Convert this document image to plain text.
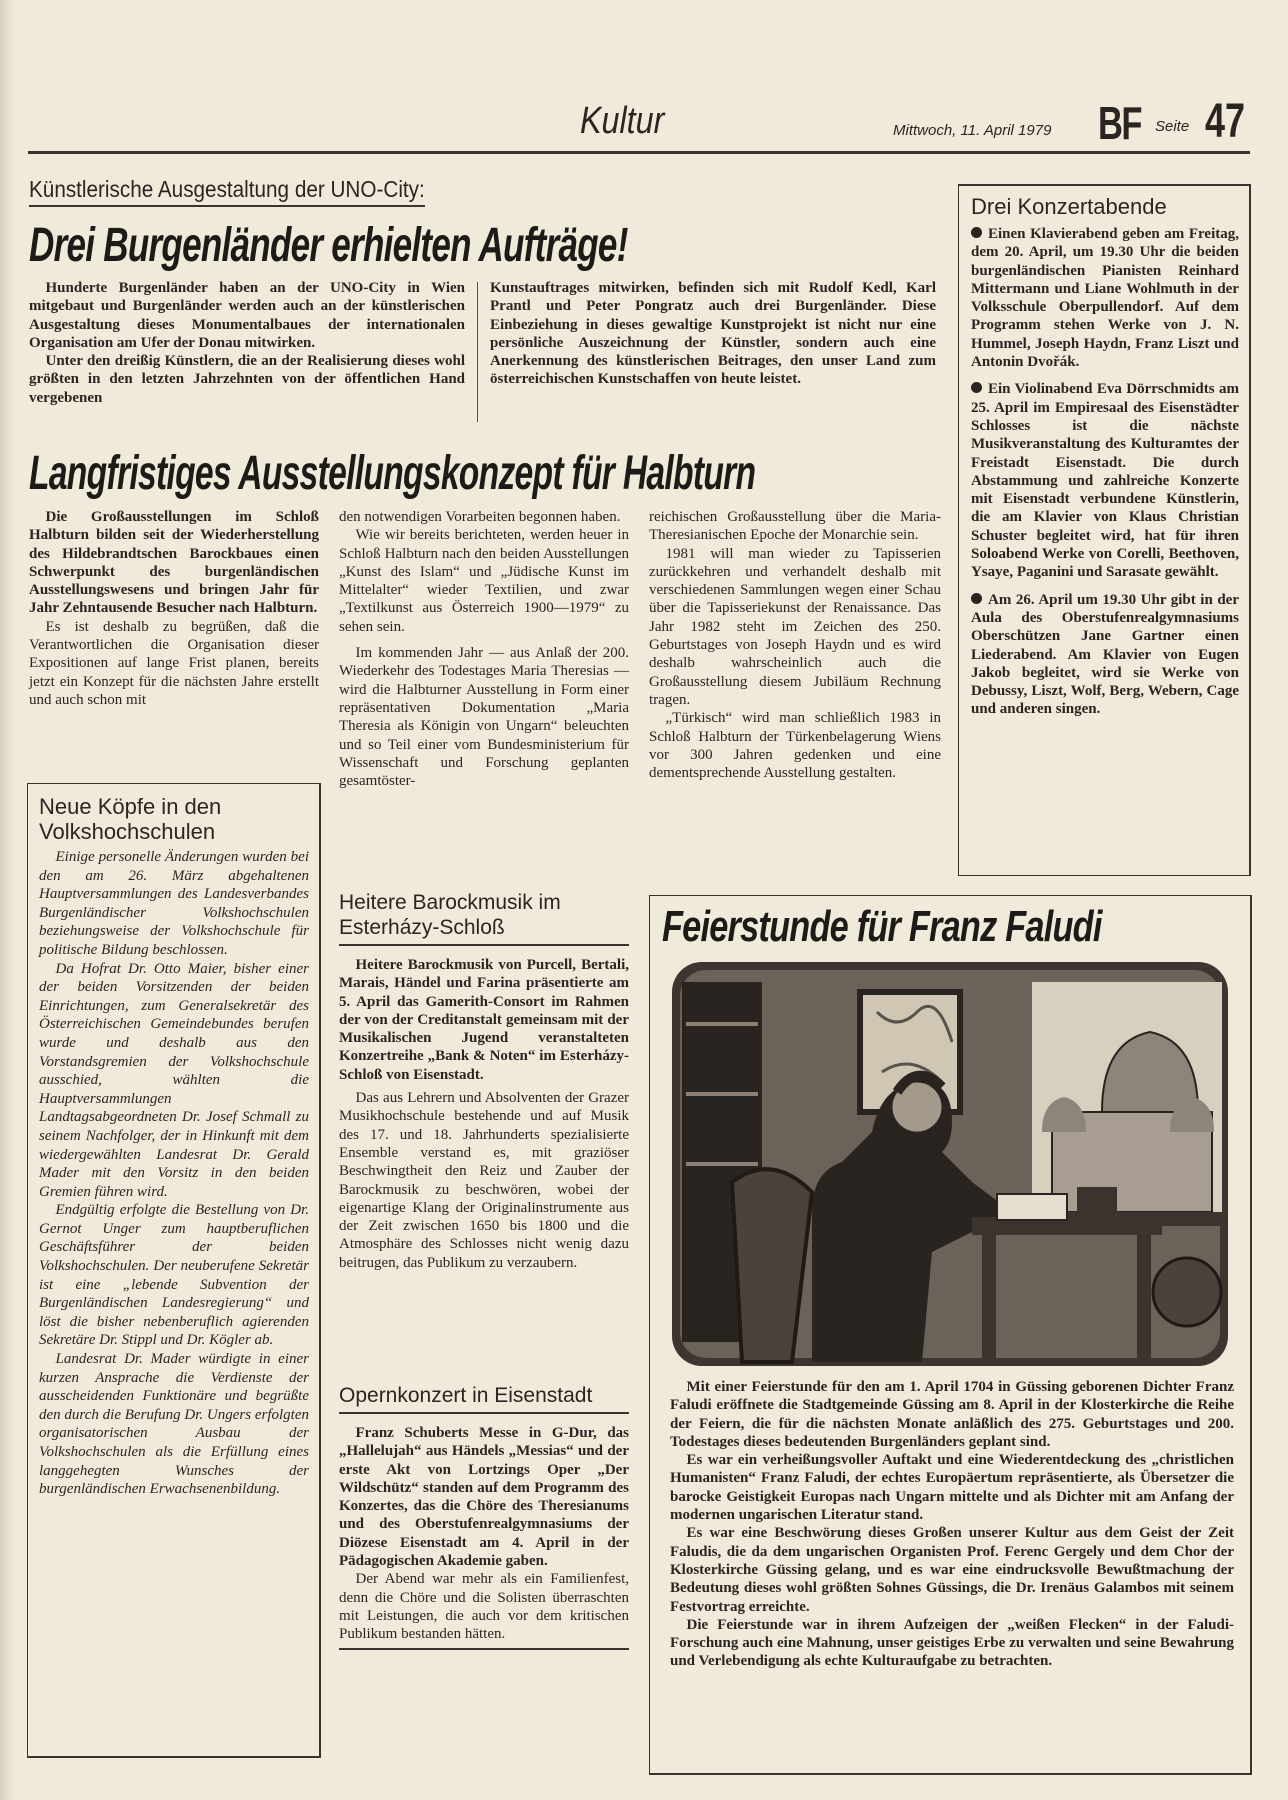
Kultur	Mittwoch, 11. April 1979 BF Seite 47
Künstlerische Ausgestaltung der UNO-City:
Drei Burgenländer erhielten Aufträge!

Hunderte Burgenländer haben an der UNO-City in Wien mitgebaut und Burgenländer werden auch an der künstlerischen Ausgestaltung dieses Monumentalbaues der internationalen Organisation am Ufer der Donau mitwirken.

Unter den dreißig Künstlern, die an der Realisierung dieses wohl größten in den letzten Jahrzehnten von der öffentlichen Hand vergebenen

Kunstauftrages mitwirken, befinden sich mit Rudolf Kedl, Karl Prantl und Peter Pongratz auch drei Burgenländer. Diese Einbeziehung in dieses gewaltige Kunstprojekt ist nicht nur eine persönliche Auszeichnung der Künstler, sondern auch eine Anerkennung des künstlerischen Beitrages, den unser Land zum österreichischen Kunstschaffen von heute leistet.

Drei Konzertabende

Einen Klavierabend geben am Freitag, dem 20. April, um 19.30 Uhr die beiden burgenländischen Pianisten Reinhard Mittermann und Liane Wohlmuth in der Volksschule Oberpullendorf. Auf dem Programm stehen Werke von J. N. Hummel, Joseph Haydn, Franz Liszt und Antonin Dvořák.

Ein Violinabend Eva Dörrschmidts am 25. April im Empiresaal des Eisenstädter Schlosses ist die nächste Musikveranstaltung des Kulturamtes der Freistadt Eisenstadt. Die durch Abstammung und zahlreiche Konzerte mit Eisenstadt verbundene Künstlerin, die am Klavier von Klaus Christian Schuster begleitet wird, hat für ihren Soloabend Werke von Corelli, Beethoven, Ysaye, Paganini und Sarasate gewählt.

Am 26. April um 19.30 Uhr gibt in der Aula des Oberstufenrealgymnasiums Oberschützen Jane Gartner einen Liederabend. Am Klavier von Eugen Jakob begleitet, wird sie Werke von Debussy, Liszt, Wolf, Berg, Webern, Cage und anderen singen.

Langfristiges Ausstellungskonzept für Halbturn

Die Großausstellungen im Schloß Halbturn bilden seit der Wiederherstellung des Hildebrandtschen Barockbaues einen Schwerpunkt des burgenländischen Ausstellungswesens und bringen Jahr für Jahr Zehntausende Besucher nach Halbturn.

Es ist deshalb zu begrüßen, daß die Verantwortlichen die Organisation dieser Expositionen auf lange Frist planen, bereits jetzt ein Konzept für die nächsten Jahre erstellt und auch schon mit

den notwendigen Vorarbeiten begonnen haben.

Wie wir bereits berichteten, werden heuer in Schloß Halbturn nach den beiden Ausstellungen „Kunst des Islam“ und „Jüdische Kunst im Mittelalter“ wieder Textilien, und zwar „Textilkunst aus Österreich 1900—1979“ zu sehen sein.

Im kommenden Jahr — aus Anlaß der 200. Wiederkehr des Todestages Maria Theresias — wird die Halbturner Ausstellung in Form einer repräsentativen Dokumentation „Maria Theresia als Königin von Ungarn“ beleuchten und so Teil einer vom Bundesministerium für Wissenschaft und Forschung geplanten gesamtöster-

reichischen Großausstellung über die Maria-Theresianischen Epoche der Monarchie sein.

1981 will man wieder zu Tapisserien zurückkehren und verhandelt deshalb mit verschiedenen Sammlungen wegen einer Schau über die Tapisseriekunst der Renaissance. Das Jahr 1982 steht im Zeichen des 250. Geburtstages von Joseph Haydn und es wird deshalb wahrscheinlich auch die Großausstellung diesem Jubiläum Rechnung tragen.

„Türkisch“ wird man schließlich 1983 in Schloß Halbturn der Türkenbelagerung Wiens vor 300 Jahren gedenken und eine dementsprechende Ausstellung gestalten.

Neue Köpfe in den Volkshochschulen

Einige personelle Änderungen wurden bei den am 26. März abgehaltenen Hauptversammlungen des Landesverbandes Burgenländischer Volkshochschulen beziehungsweise der Volkshochschule für politische Bildung beschlossen.

Da Hofrat Dr. Otto Maier, bisher einer der beiden Vorsitzenden der beiden Einrichtungen, zum Generalsekretär des Österreichischen Gemeindebundes berufen wurde und deshalb aus den Vorstandsgremien der Volkshochschule ausschied, wählten die Hauptversammlungen Landtagsabgeordneten Dr. Josef Schmall zu seinem Nachfolger, der in Hinkunft mit dem wiedergewählten Landesrat Dr. Gerald Mader mit den Vorsitz in den beiden Gremien führen wird.

Endgültig erfolgte die Bestellung von Dr. Gernot Unger zum hauptberuflichen Geschäftsführer der beiden Volkshochschulen. Der neuberufene Sekretär ist eine „lebende Subvention der Burgenländischen Landesregierung“ und löst die bisher nebenberuflich agierenden Sekretäre Dr. Stippl und Dr. Kögler ab.

Landesrat Dr. Mader würdigte in einer kurzen Ansprache die Verdienste der ausscheidenden Funktionäre und begrüßte den durch die Berufung Dr. Ungers erfolgten organisatorischen Ausbau der Volkshochschulen als die Erfüllung eines langgehegten Wunsches der burgenländischen Erwachsenenbildung.

Heitere Barockmusik im Esterházy-Schloß

Heitere Barockmusik von Purcell, Bertali, Marais, Händel und Farina präsentierte am 5. April das Gamerith-Consort im Rahmen der von der Creditanstalt gemeinsam mit der Musikalischen Jugend veranstalteten Konzertreihe „Bank & Noten“ im Esterházy-Schloß von Eisenstadt.

Das aus Lehrern und Absolventen der Grazer Musikhochschule bestehende und auf Musik des 17. und 18. Jahrhunderts spezialisierte Ensemble verstand es, mit graziöser Beschwingtheit den Reiz und Zauber der Barockmusik zu beschwören, wobei der eigenartige Klang der Originalinstrumente aus der Zeit zwischen 1650 bis 1800 und die Atmosphäre des Schlosses nicht wenig dazu beitrugen, das Publikum zu verzaubern.

Opernkonzert in Eisenstadt

Franz Schuberts Messe in G-Dur, das „Hallelujah“ aus Händels „Messias“ und der erste Akt von Lortzings Oper „Der Wildschütz“ standen auf dem Programm des Konzertes, das die Chöre des Theresianums und des Oberstufenrealgymnasiums der Diözese Eisenstadt am 4. April in der Pädagogischen Akademie gaben.

Der Abend war mehr als ein Familienfest, denn die Chöre und die Solisten überraschten mit Leistungen, die auch vor dem kritischen Publikum bestanden hätten.

Feierstunde für Franz Faludi

Mit einer Feierstunde für den am 1. April 1704 in Güssing geborenen Dichter Franz Faludi eröffnete die Stadtgemeinde Güssing am 8. April in der Klosterkirche die Reihe der Feiern, die für die nächsten Monate anläßlich des 275. Geburtstages und 200. Todestages dieses bedeutenden Burgenländers geplant sind.

Es war ein verheißungsvoller Auftakt und eine Wiederentdeckung des „christlichen Humanisten“ Franz Faludi, der echtes Europäertum repräsentierte, als Übersetzer die barocke Geistigkeit Europas nach Ungarn mittelte und als Dichter mit am Anfang der modernen ungarischen Literatur stand.

Es war eine Beschwörung dieses Großen unserer Kultur aus dem Geist der Zeit Faludis, die da dem ungarischen Organisten Prof. Ferenc Gergely und dem Chor der Klosterkirche Güssing gelang, und es war eine eindrucksvolle Bewußtmachung der Bedeutung dieses wohl größten Sohnes Güssings, die Dr. Irenäus Galambos mit seinem Festvortrag erreichte.

Die Feierstunde war in ihrem Aufzeigen der „weißen Flecken“ in der Faludi-Forschung auch eine Mahnung, unser geistiges Erbe zu verwalten und seine Bewahrung und Verlebendigung als echte Kulturaufgabe zu betrachten.
